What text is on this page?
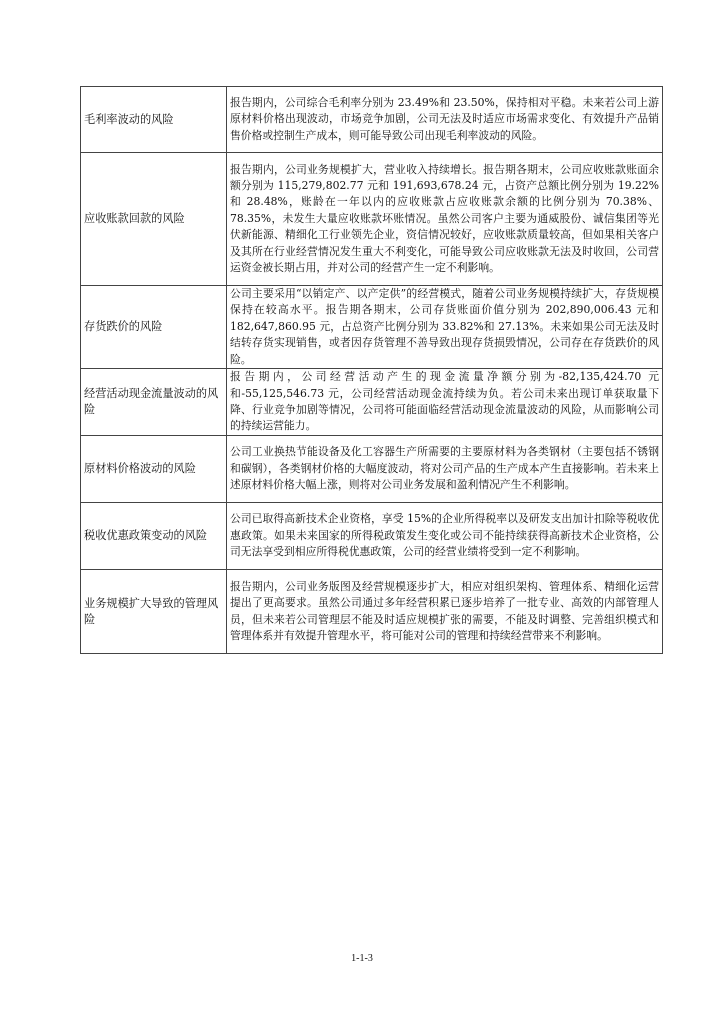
毛利率波动的风险	报告期内，公司综合毛利率分别为 23.49%和 23.50%，保持相对平稳。未来若公司上游原材料价格出现波动，市场竞争加剧，公司无法及时适应市场需求变化、有效提升产品销售价格或控制生产成本，则可能导致公司出现毛利率波动的风险。
应收账款回款的风险	报告期内，公司业务规模扩大，营业收入持续增长。报告期各期末，公司应收账款账面余额分别为 115,279,802.77 元和 191,693,678.24 元，占资产总额比例分别为 19.22%和 28.48%，账龄在一年以内的应收账款占应收账款余额的比例分别为 70.38%、78.35%，未发生大量应收账款坏账情况。虽然公司客户主要为通威股份、诚信集团等光伏新能源、精细化工行业领先企业，资信情况较好，应收账款质量较高，但如果相关客户及其所在行业经营情况发生重大不利变化，可能导致公司应收账款无法及时收回，公司营运资金被长期占用，并对公司的经营产生一定不利影响。
存货跌价的风险	公司主要采用“以销定产、以产定供”的经营模式，随着公司业务规模持续扩大，存货规模保持在较高水平。报告期各期末，公司存货账面价值分别为 202,890,006.43 元和 182,647,860.95 元，占总资产比例分别为 33.82%和 27.13%。未来如果公司无法及时结转存货实现销售，或者因存货管理不善导致出现存货损毁情况，公司存在存货跌价的风险。
经营活动现金流量波动的风险	报告期内，公司经营活动产生的现金流量净额分别为-82,135,424.70 元和-55,125,546.73 元，公司经营活动现金流持续为负。若公司未来出现订单获取量下降、行业竞争加剧等情况，公司将可能面临经营活动现金流量波动的风险，从而影响公司的持续运营能力。
原材料价格波动的风险	公司工业换热节能设备及化工容器生产所需要的主要原材料为各类钢材（主要包括不锈钢和碳钢），各类钢材价格的大幅度波动，将对公司产品的生产成本产生直接影响。若未来上述原材料价格大幅上涨，则将对公司业务发展和盈利情况产生不利影响。
税收优惠政策变动的风险	公司已取得高新技术企业资格，享受 15%的企业所得税率以及研发支出加计扣除等税收优惠政策。如果未来国家的所得税政策发生变化或公司不能持续获得高新技术企业资格，公司无法享受到相应所得税优惠政策，公司的经营业绩将受到一定不利影响。
业务规模扩大导致的管理风险	报告期内，公司业务版图及经营规模逐步扩大，相应对组织架构、管理体系、精细化运营提出了更高要求。虽然公司通过多年经营积累已逐步培养了一批专业、高效的内部管理人员，但未来若公司管理层不能及时适应规模扩张的需要，不能及时调整、完善组织模式和管理体系并有效提升管理水平，将可能对公司的管理和持续经营带来不利影响。
1-1-3
